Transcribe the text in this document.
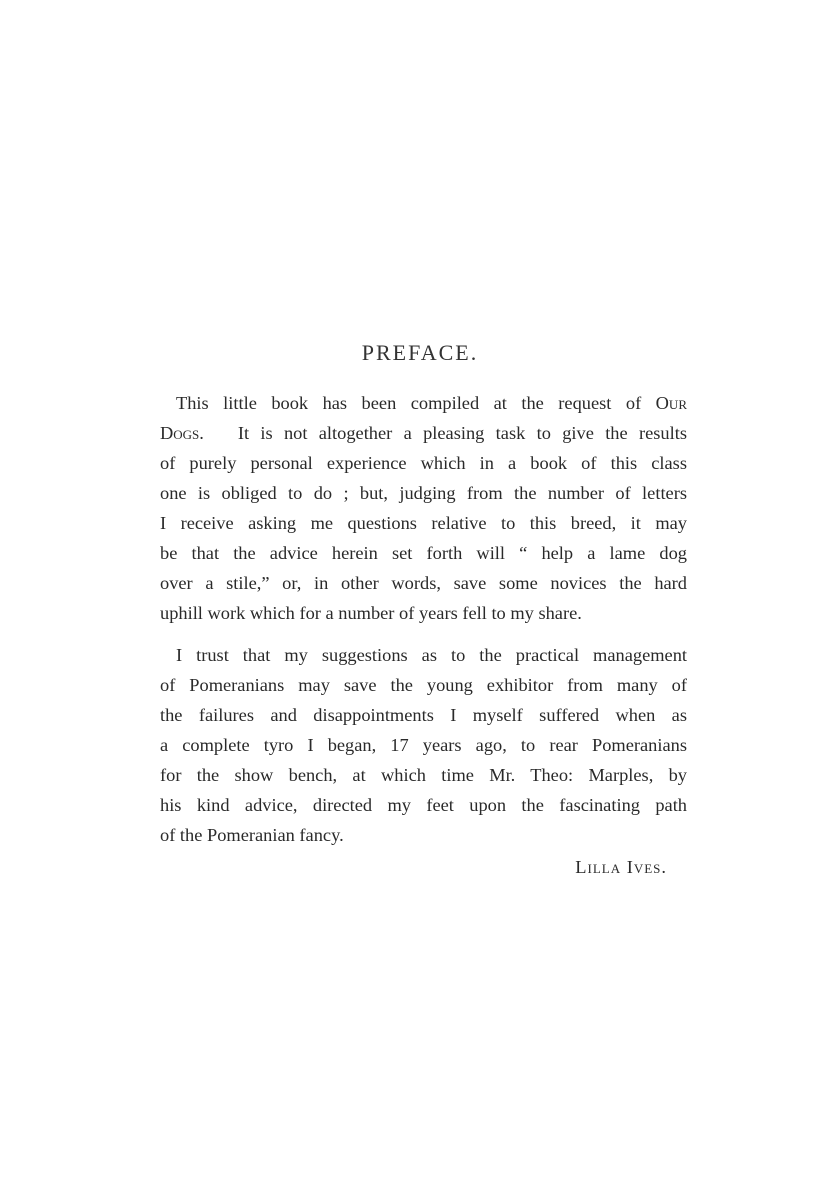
PREFACE.

This little book has been compiled at the request of Our
Dogs.   It is not altogether a pleasing task to give the results
of purely personal experience which in a book of this class
one is obliged to do ; but, judging from the number of letters
I receive asking me questions relative to this breed, it may
be that the advice herein set forth will “ help a lame dog
over a stile,” or, in other words, save some novices the hard
uphill work which for a number of years fell to my share.

I trust that my suggestions as to the practical management
of Pomeranians may save the young exhibitor from many of
the failures and disappointments I myself suffered when as
a complete tyro I began, 17 years ago, to rear Pomeranians
for the show bench, at which time Mr. Theo: Marples, by
his kind advice, directed my feet upon the fascinating path
of the Pomeranian fancy.

Lilla Ives.
